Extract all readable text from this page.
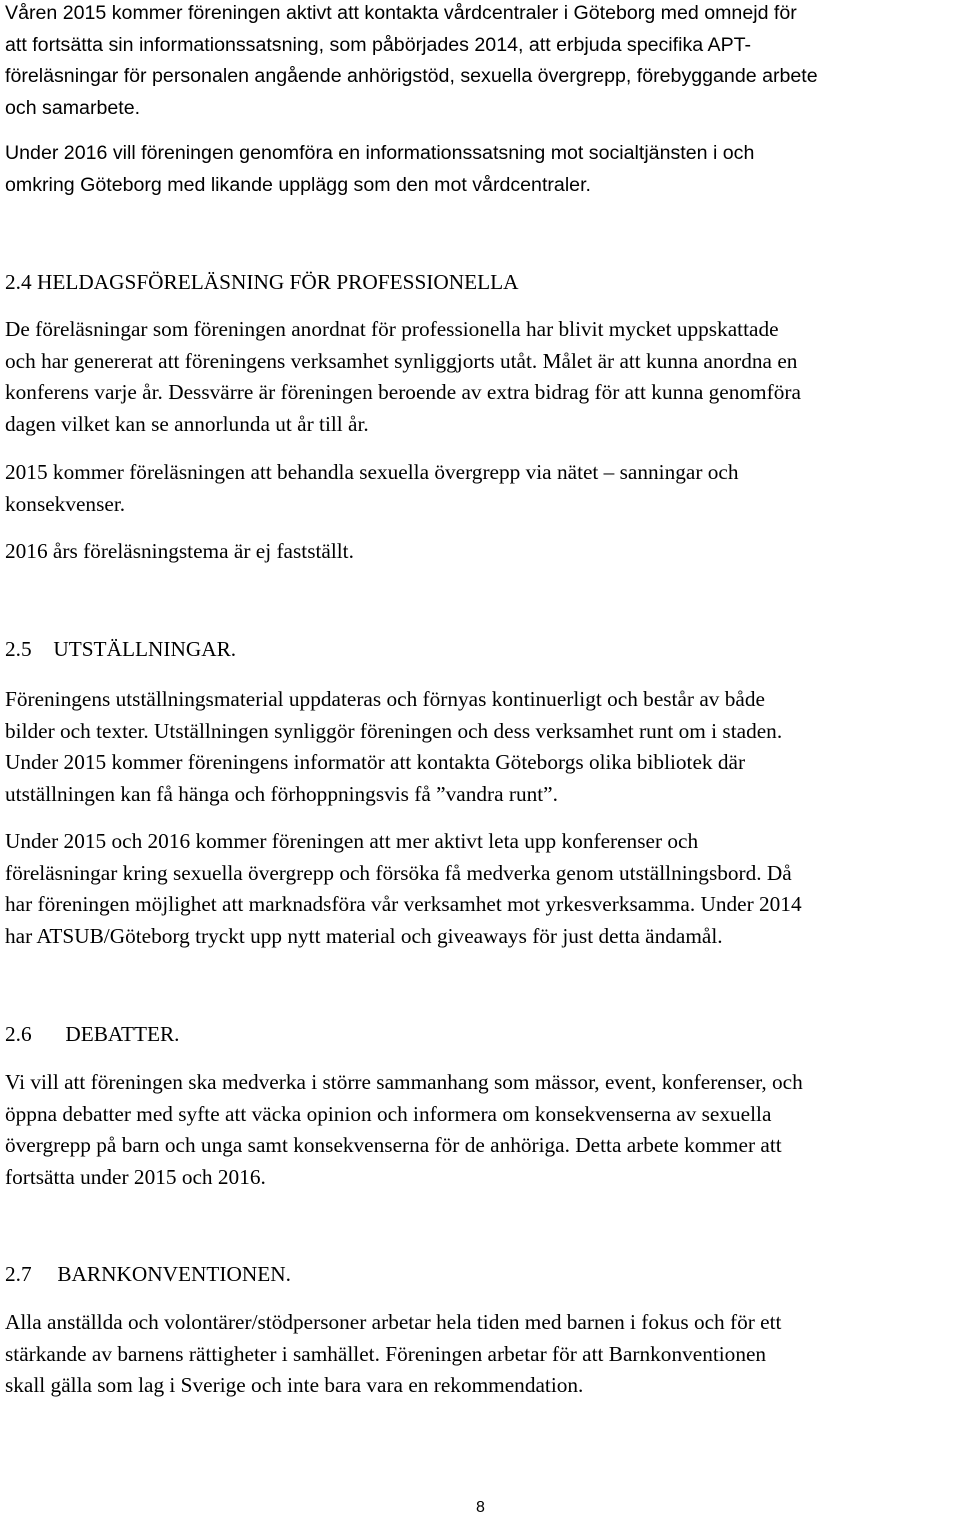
Våren 2015 kommer föreningen aktivt att kontakta vårdcentraler i Göteborg med omnejd för
att fortsätta sin informationssatsning, som påbörjades 2014, att erbjuda specifika APT-
föreläsningar för personalen angående anhörigstöd, sexuella övergrepp, förebyggande arbete
och samarbete.
Under 2016 vill föreningen genomföra en informationssatsning mot socialtjänsten i och
omkring Göteborg med likande upplägg som den mot vårdcentraler.
2.4 HELDAGSFÖRELÄSNING FÖR PROFESSIONELLA
De föreläsningar som föreningen anordnat för professionella har blivit mycket uppskattade
och har genererat att föreningens verksamhet synliggjorts utåt. Målet är att kunna anordna en
konferens varje år. Dessvärre är föreningen beroende av extra bidrag för att kunna genomföra
dagen vilket kan se annorlunda ut år till år.
2015 kommer föreläsningen att behandla sexuella övergrepp via nätet – sanningar och
konsekvenser.
2016 års föreläsningstema är ej fastställt.
2.5 UTSTÄLLNINGAR.
Föreningens utställningsmaterial uppdateras och förnyas kontinuerligt och består av både
bilder och texter. Utställningen synliggör föreningen och dess verksamhet runt om i staden.
Under 2015 kommer föreningens informatör att kontakta Göteborgs olika bibliotek där
utställningen kan få hänga och förhoppningsvis få ”vandra runt”.
Under 2015 och 2016 kommer föreningen att mer aktivt leta upp konferenser och
föreläsningar kring sexuella övergrepp och försöka få medverka genom utställningsbord. Då
har föreningen möjlighet att marknadsföra vår verksamhet mot yrkesverksamma. Under 2014
har ATSUB/Göteborg tryckt upp nytt material och giveaways för just detta ändamål.
2.6 DEBATTER.
Vi vill att föreningen ska medverka i större sammanhang som mässor, event, konferenser, och
öppna debatter med syfte att väcka opinion och informera om konsekvenserna av sexuella
övergrepp på barn och unga samt konsekvenserna för de anhöriga. Detta arbete kommer att
fortsätta under 2015 och 2016.
2.7 BARNKONVENTIONEN.
Alla anställda och volontärer/stödpersoner arbetar hela tiden med barnen i fokus och för ett
stärkande av barnens rättigheter i samhället. Föreningen arbetar för att Barnkonventionen
skall gälla som lag i Sverige och inte bara vara en rekommendation.
8
